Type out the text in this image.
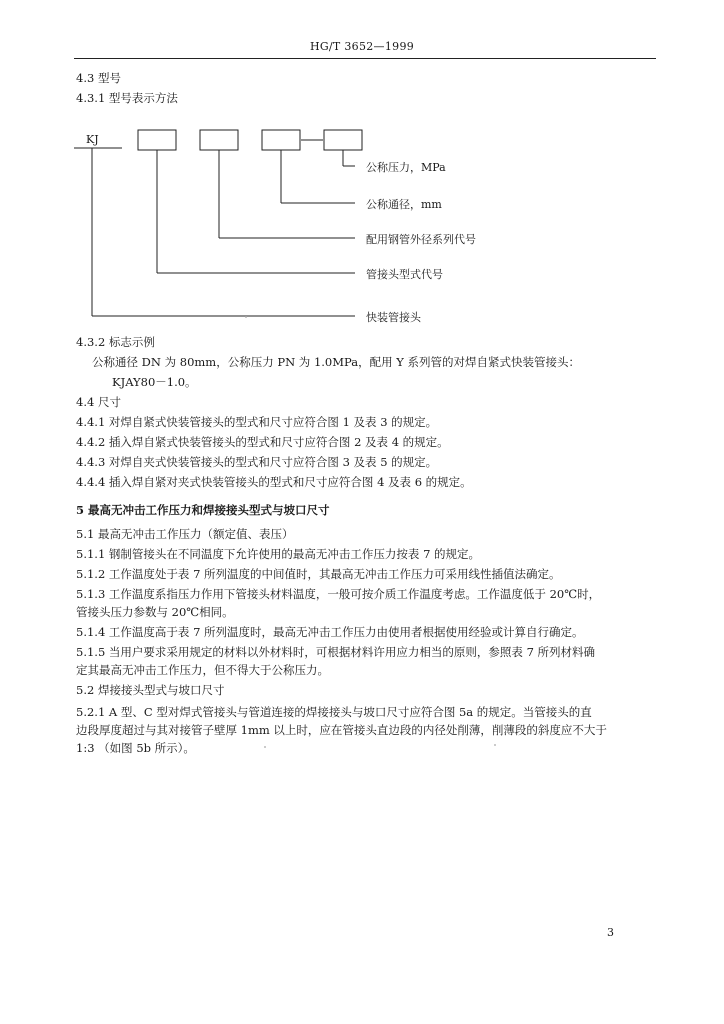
HG/T 3652—1999
4.3 型号
4.3.1 型号表示方法
KJ
公称压力，MPa
公称通径，mm
配用钢管外径系列代号
管接头型式代号
快装管接头
4.3.2 标志示例
公称通径 DN 为 80mm，公称压力 PN 为 1.0MPa，配用 Y 系列管的对焊自紧式快装管接头：
KJAY80－1.0。
4.4 尺寸
4.4.1 对焊自紧式快装管接头的型式和尺寸应符合图 1 及表 3 的规定。
4.4.2 插入焊自紧式快装管接头的型式和尺寸应符合图 2 及表 4 的规定。
4.4.3 对焊自夹式快装管接头的型式和尺寸应符合图 3 及表 5 的规定。
4.4.4 插入焊自紧对夹式快装管接头的型式和尺寸应符合图 4 及表 6 的规定。
5 最高无冲击工作压力和焊接接头型式与坡口尺寸
5.1 最高无冲击工作压力（额定值、表压）
5.1.1 钢制管接头在不同温度下允许使用的最高无冲击工作压力按表 7 的规定。
5.1.2 工作温度处于表 7 所列温度的中间值时，其最高无冲击工作压力可采用线性插值法确定。
5.1.3 工作温度系指压力作用下管接头材料温度，一般可按介质工作温度考虑。工作温度低于 20℃时，
管接头压力参数与 20℃相同。
5.1.4 工作温度高于表 7 所列温度时，最高无冲击工作压力由使用者根据使用经验或计算自行确定。
5.1.5 当用户要求采用规定的材料以外材料时，可根据材料许用应力相当的原则，参照表 7 所列材料确
定其最高无冲击工作压力，但不得大于公称压力。
5.2 焊接接头型式与坡口尺寸
5.2.1 A 型、C 型对焊式管接头与管道连接的焊接接头与坡口尺寸应符合图 5a 的规定。当管接头的直
边段厚度超过与其对接管子壁厚 1mm 以上时，应在管接头直边段的内径处削薄，削薄段的斜度应不大于
1:3 （如图 5b 所示）。
3
